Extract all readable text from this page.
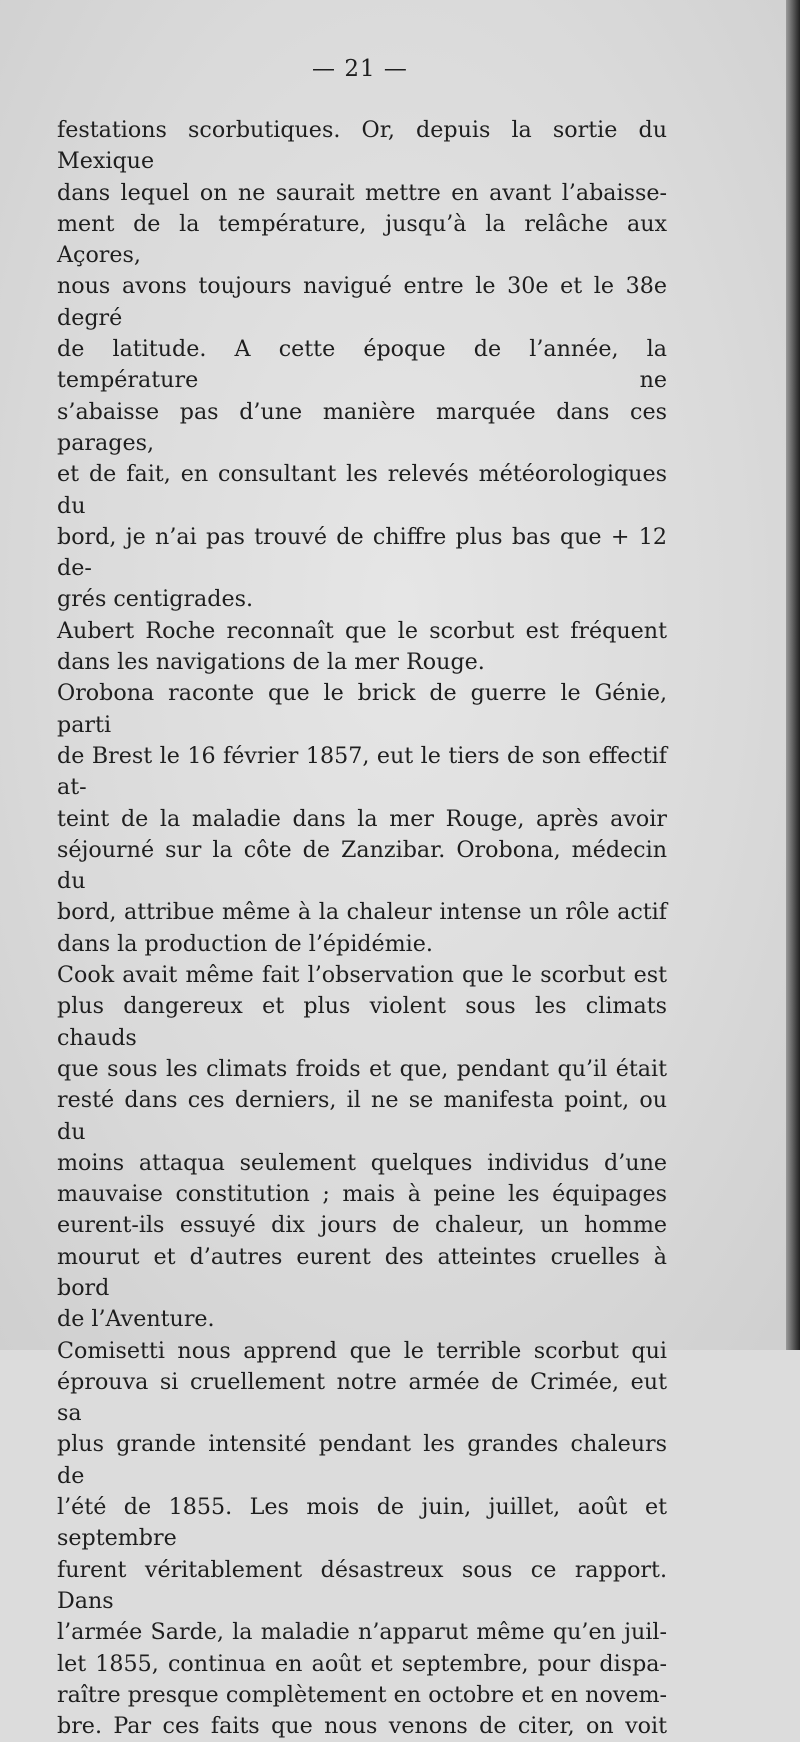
— 21 —

festations scorbutiques. Or, depuis la sortie du Mexique

dans lequel on ne saurait mettre en avant l’abaisse-

ment de la température, jusqu’à la relâche aux Açores,

nous avons toujours navigué entre le 30e et le 38e degré

de latitude. A cette époque de l’année, la température ne

s’abaisse pas d’une manière marquée dans ces parages,

et de fait, en consultant les relevés météorologiques du

bord, je n’ai pas trouvé de chiffre plus bas que + 12 de-

grés centigrades.

Aubert Roche reconnaît que le scorbut est fréquent

dans les navigations de la mer Rouge.

Orobona raconte que le brick de guerre le Génie, parti

de Brest le 16 février 1857, eut le tiers de son effectif at-

teint de la maladie dans la mer Rouge, après avoir

séjourné sur la côte de Zanzibar. Orobona, médecin du

bord, attribue même à la chaleur intense un rôle actif

dans la production de l’épidémie.

Cook avait même fait l’observation que le scorbut est

plus dangereux et plus violent sous les climats chauds

que sous les climats froids et que, pendant qu’il était

resté dans ces derniers, il ne se manifesta point, ou du

moins attaqua seulement quelques individus d’une

mauvaise constitution ; mais à peine les équipages

eurent-ils essuyé dix jours de chaleur, un homme

mourut et d’autres eurent des atteintes cruelles à bord

de l’Aventure.

Comisetti nous apprend que le terrible scorbut qui

éprouva si cruellement notre armée de Crimée, eut sa

plus grande intensité pendant les grandes chaleurs de

l’été de 1855. Les mois de juin, juillet, août et septembre

furent véritablement désastreux sous ce rapport. Dans

l’armée Sarde, la maladie n’apparut même qu’en juil-

let 1855, continua en août et septembre, pour dispa-

raître presque complètement en octobre et en novem-

bre. Par ces faits que nous venons de citer, on voit
